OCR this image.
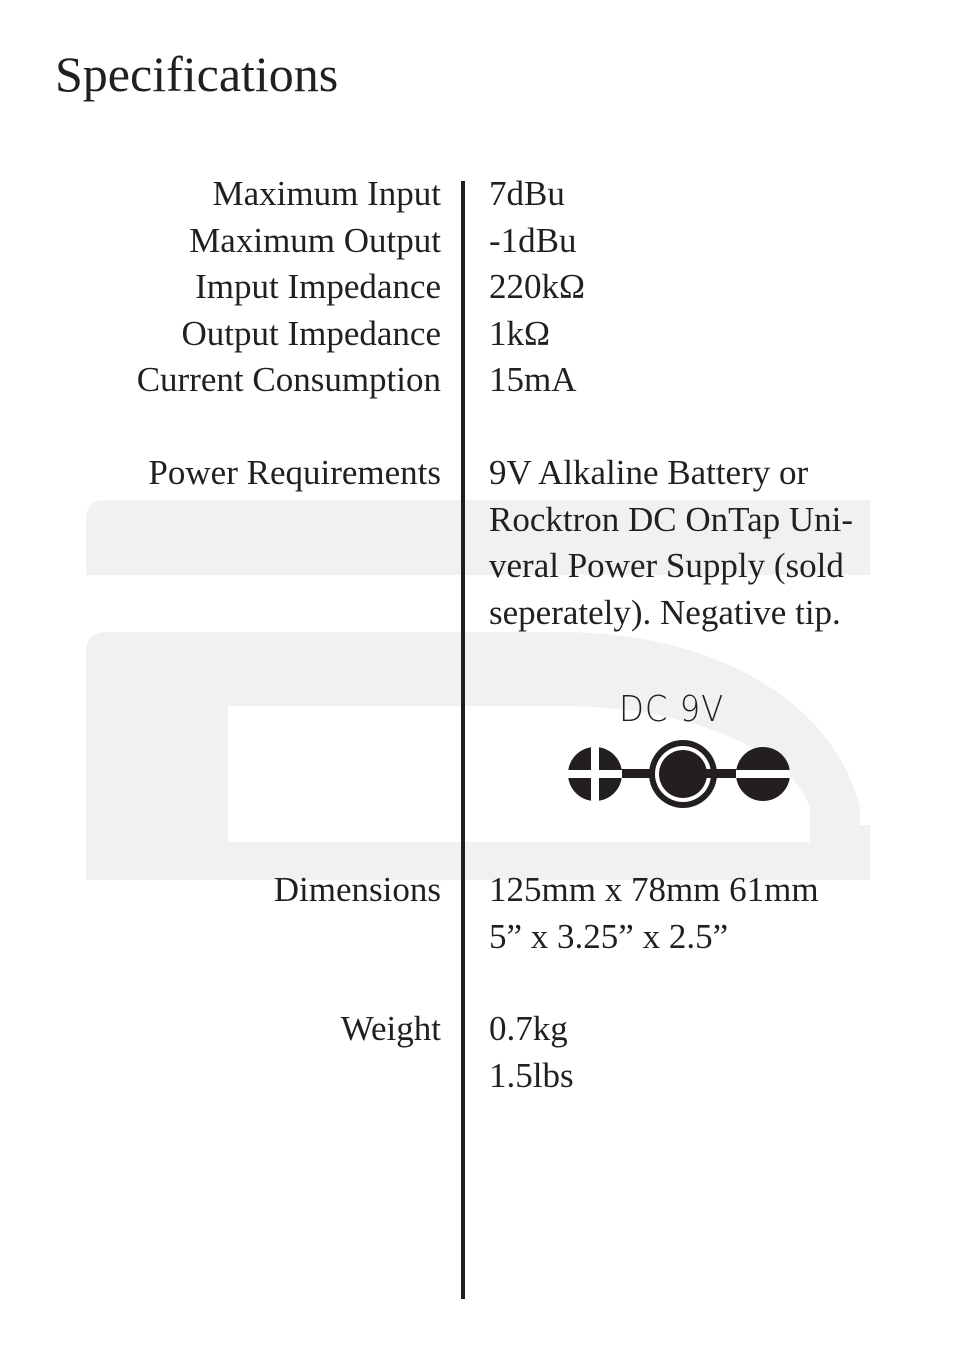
Specifications
Maximum Input 7dBu
Maximum Output -1dBu
Imput Impedance 220kΩ
Output Impedance 1kΩ
Current Consumption 15mA
Power Requirements 9V Alkaline Battery or
Rocktron DC OnTap Uni-
veral Power Supply (sold
seperately). Negative tip.
DC 9V
Dimensions 125mm x 78mm 61mm
5” x 3.25” x 2.5”
Weight 0.7kg
1.5lbs
